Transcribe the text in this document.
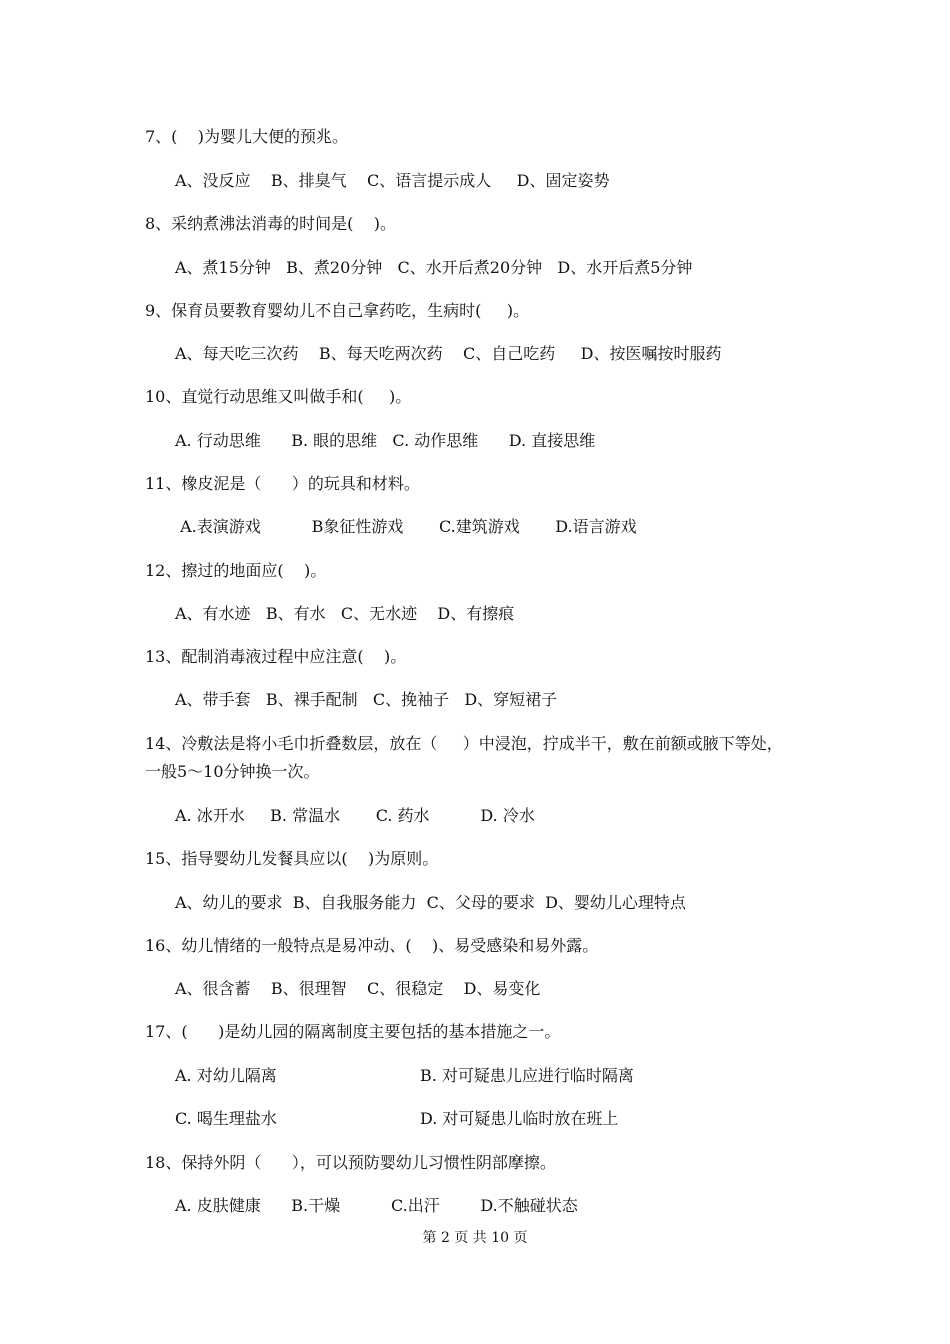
7、(    )为婴儿大便的预兆。
A、没反应    B、排臭气    C、语言提示成人     D、固定姿势
8、采纳煮沸法消毒的时间是(    )。
A、煮15分钟   B、煮20分钟   C、水开后煮20分钟   D、水开后煮5分钟
9、保育员要教育婴幼儿不自己拿药吃，生病时(     )。
A、每天吃三次药    B、每天吃两次药    C、自己吃药     D、按医嘱按时服药
10、直觉行动思维又叫做手和(     )。
A. 行动思维      B. 眼的思维   C. 动作思维      D. 直接思维
11、橡皮泥是（      ）的玩具和材料。
A.表演游戏          B象征性游戏       C.建筑游戏       D.语言游戏
12、擦过的地面应(    )。
A、有水迹   B、有水   C、无水迹    D、有擦痕
13、配制消毒液过程中应注意(    )。
A、带手套   B、裸手配制   C、挽袖子   D、穿短裙子
14、冷敷法是将小毛巾折叠数层，放在（     ）中浸泡，拧成半干，敷在前额或腋下等处，
一般5～10分钟换一次。
A. 冰开水     B. 常温水       C. 药水          D. 冷水
15、指导婴幼儿发餐具应以(    )为原则。
A、幼儿的要求  B、自我服务能力  C、父母的要求  D、婴幼儿心理特点
16、幼儿情绪的一般特点是易冲动、(    )、易受感染和易外露。
A、很含蓄    B、很理智    C、很稳定    D、易变化
17、(      )是幼儿园的隔离制度主要包括的基本措施之一。
A. 对幼儿隔离	B. 对可疑患儿应进行临时隔离
C. 喝生理盐水	D. 对可疑患儿临时放在班上
18、保持外阴（      ），可以预防婴幼儿习惯性阴部摩擦。
A. 皮肤健康      B.干燥          C.出汗        D.不触碰状态
第 2 页 共 10 页
